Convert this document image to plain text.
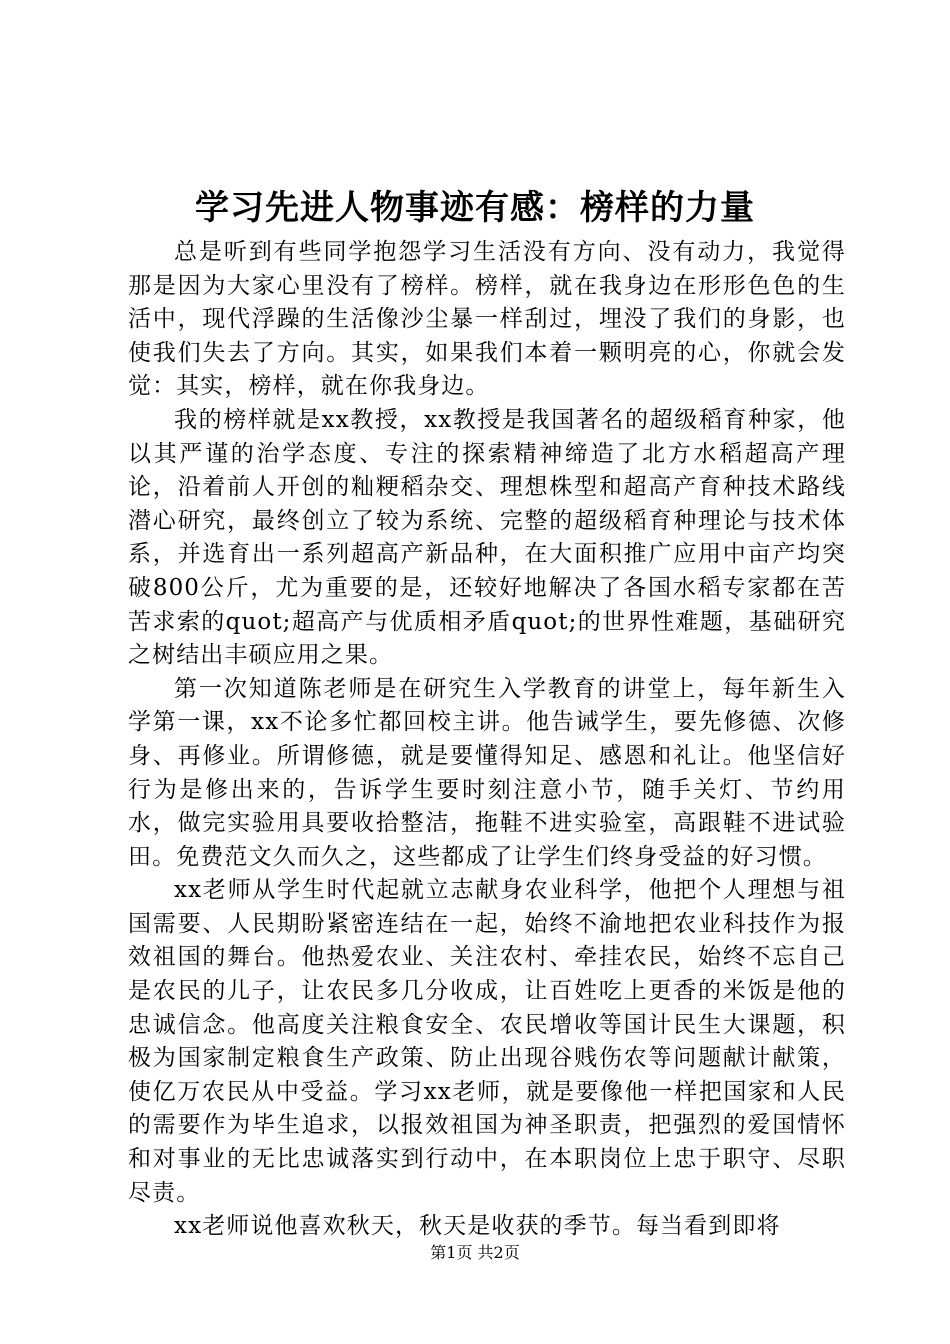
学习先进人物事迹有感：榜样的力量

总是听到有些同学抱怨学习生活没有方向、没有动力，我觉得那是因为大家心里没有了榜样。榜样，就在我身边在形形色色的生活中，现代浮躁的生活像沙尘暴一样刮过，埋没了我们的身影，也使我们失去了方向。其实，如果我们本着一颗明亮的心，你就会发觉：其实，榜样，就在你我身边。

我的榜样就是xx教授，xx教授是我国著名的超级稻育种家，他以其严谨的治学态度、专注的探索精神缔造了北方水稻超高产理论，沿着前人开创的籼粳稻杂交、理想株型和超高产育种技术路线潜心研究，最终创立了较为系统、完整的超级稻育种理论与技术体系，并选育出一系列超高产新品种，在大面积推广应用中亩产均突破800公斤，尤为重要的是，还较好地解决了各国水稻专家都在苦苦求索的quot;超高产与优质相矛盾quot;的世界性难题，基础研究之树结出丰硕应用之果。

第一次知道陈老师是在研究生入学教育的讲堂上，每年新生入学第一课，xx不论多忙都回校主讲。他告诫学生，要先修德、次修身、再修业。所谓修德，就是要懂得知足、感恩和礼让。他坚信好行为是修出来的，告诉学生要时刻注意小节，随手关灯、节约用水，做完实验用具要收拾整洁，拖鞋不进实验室，高跟鞋不进试验田。免费范文久而久之，这些都成了让学生们终身受益的好习惯。

xx老师从学生时代起就立志献身农业科学，他把个人理想与祖国需要、人民期盼紧密连结在一起，始终不渝地把农业科技作为报效祖国的舞台。他热爱农业、关注农村、牵挂农民，始终不忘自己是农民的儿子，让农民多几分收成，让百姓吃上更香的米饭是他的忠诚信念。他高度关注粮食安全、农民增收等国计民生大课题，积极为国家制定粮食生产政策、防止出现谷贱伤农等问题献计献策，使亿万农民从中受益。学习xx老师，就是要像他一样把国家和人民的需要作为毕生追求，以报效祖国为神圣职责，把强烈的爱国情怀和对事业的无比忠诚落实到行动中，在本职岗位上忠于职守、尽职尽责。

xx老师说他喜欢秋天，秋天是收获的季节。每当看到即将

第1页 共2页
